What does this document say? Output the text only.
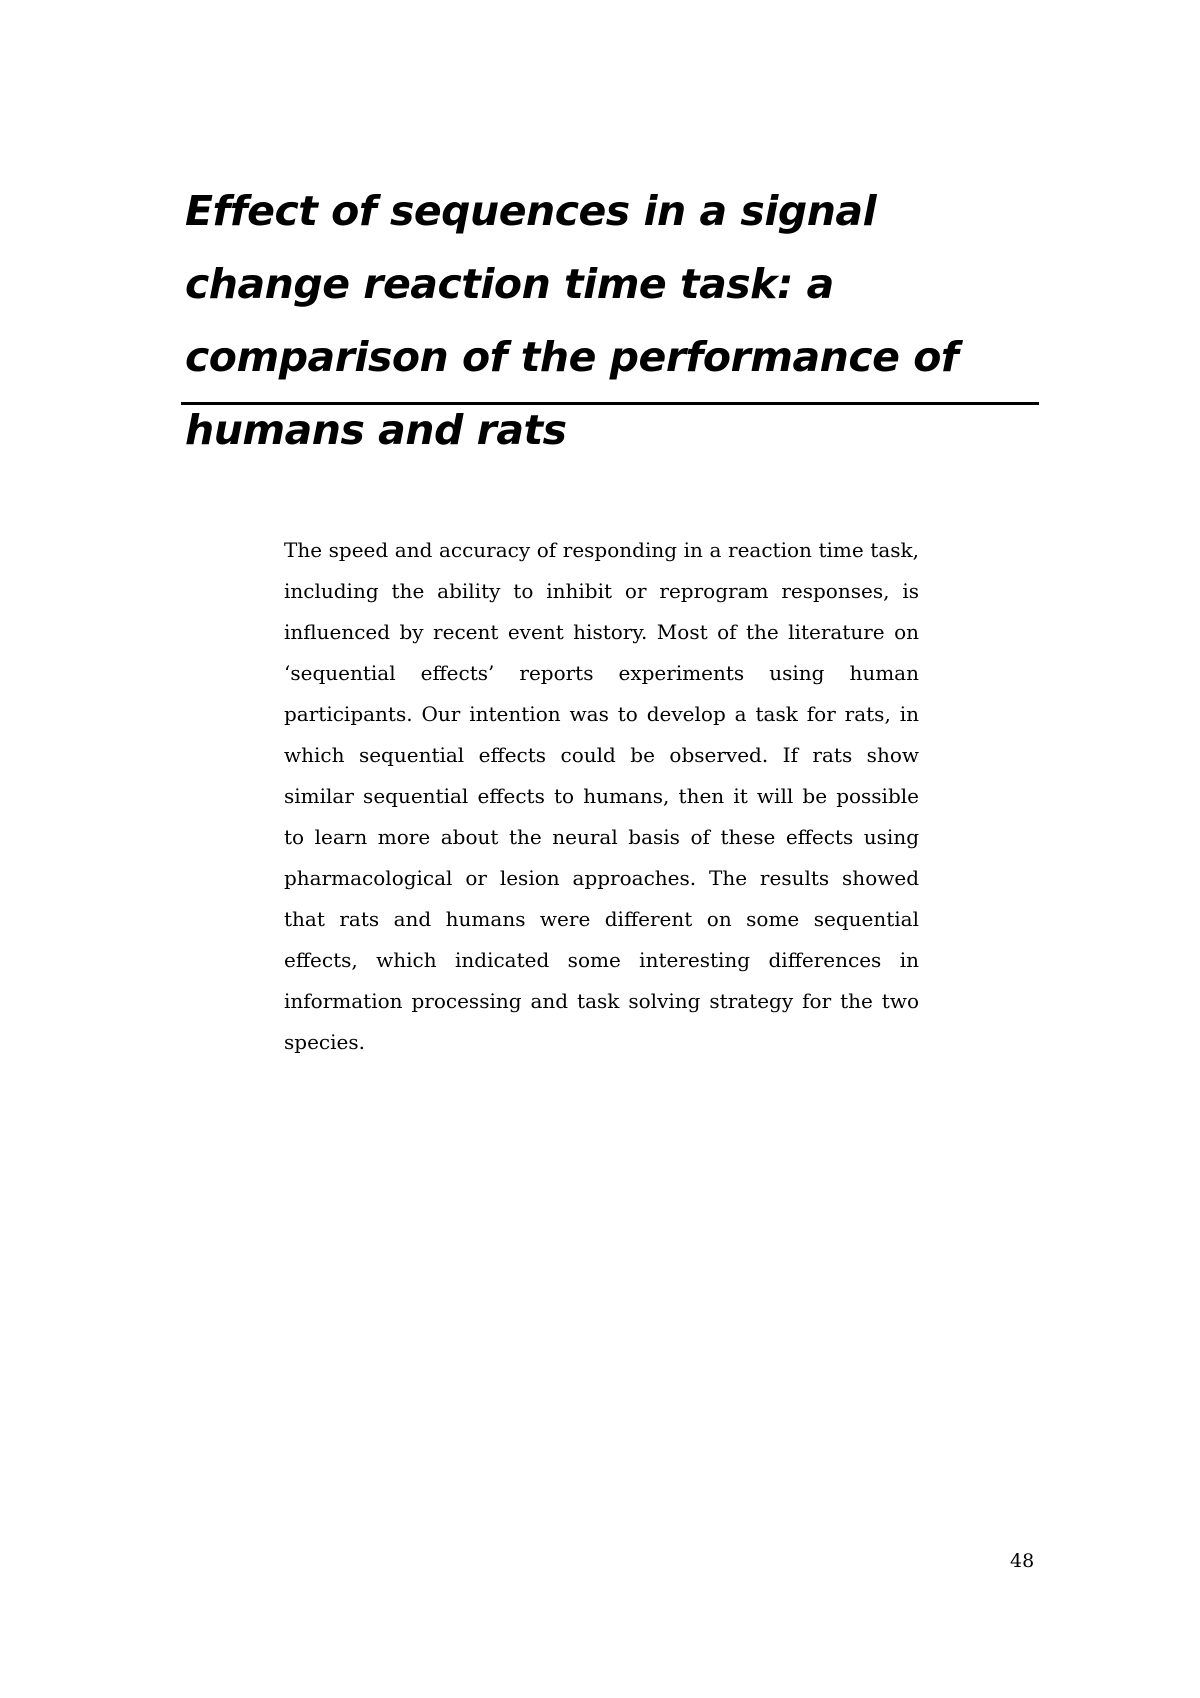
Effect of sequences in a signal change reaction time task: a comparison of the performance of humans and rats

The speed and accuracy of responding in a reaction time task, including the ability to inhibit or reprogram responses, is influenced by recent event history. Most of the literature on ‘sequential effects’ reports experiments using human participants. Our intention was to develop a task for rats, in which sequential effects could be observed. If rats show similar sequential effects to humans, then it will be possible to learn more about the neural basis of these effects using pharmacological or lesion approaches. The results showed that rats and humans were different on some sequential effects, which indicated some interesting differences in information processing and task solving strategy for the two species.

48
